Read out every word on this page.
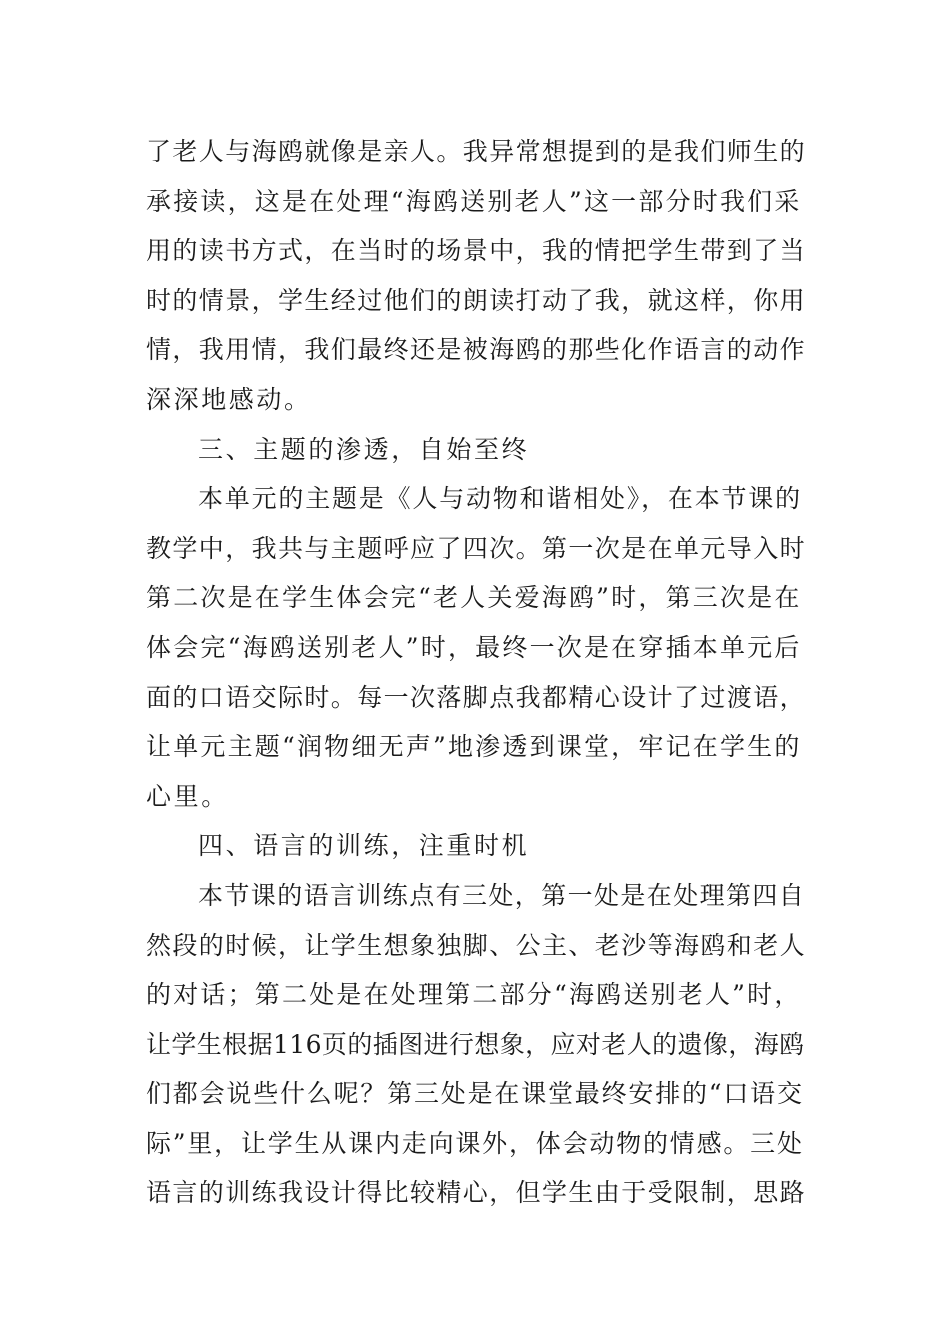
了老人与海鸥就像是亲人。我异常想提到的是我们师生的
承接读，这是在处理“海鸥送别老人”这一部分时我们采
用的读书方式，在当时的场景中，我的情把学生带到了当
时的情景，学生经过他们的朗读打动了我，就这样，你用
情，我用情，我们最终还是被海鸥的那些化作语言的动作
深深地感动。
三、主题的渗透，自始至终
本单元的主题是《人与动物和谐相处》，在本节课的
教学中，我共与主题呼应了四次。第一次是在单元导入时
第二次是在学生体会完“老人关爱海鸥”时，第三次是在
体会完“海鸥送别老人”时，最终一次是在穿插本单元后
面的口语交际时。每一次落脚点我都精心设计了过渡语，
让单元主题“润物细无声”地渗透到课堂，牢记在学生的
心里。
四、语言的训练，注重时机
本节课的语言训练点有三处，第一处是在处理第四自
然段的时候，让学生想象独脚、公主、老沙等海鸥和老人
的对话；第二处是在处理第二部分“海鸥送别老人”时，
让学生根据116页的插图进行想象，应对老人的遗像，海鸥
们都会说些什么呢？第三处是在课堂最终安排的“口语交
际”里，让学生从课内走向课外，体会动物的情感。三处
语言的训练我设计得比较精心，但学生由于受限制，思路
